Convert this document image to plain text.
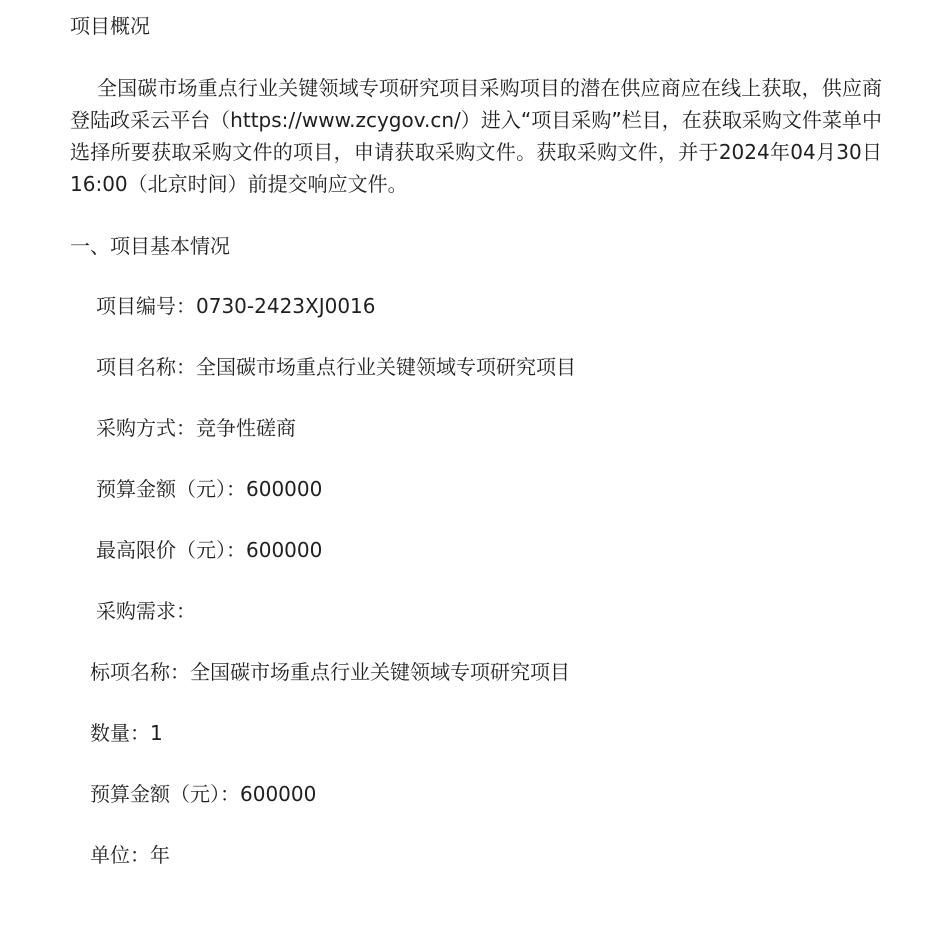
项目概况
全国碳市场重点行业关键领域专项研究项目采购项目的潜在供应商应在线上获取，供应商登陆政采云平台（https://www.zcygov.cn/）进入“项目采购”栏目，在获取采购文件菜单中选择所要获取采购文件的项目，申请获取采购文件。获取采购文件，并于2024年04月30日 16:00（北京时间）前提交响应文件。
一、项目基本情况
项目编号：0730-2423XJ0016
项目名称：全国碳市场重点行业关键领域专项研究项目
采购方式：竞争性磋商
预算金额（元）：600000
最高限价（元）：600000
采购需求：
标项名称：全国碳市场重点行业关键领域专项研究项目
数量：1
预算金额（元）：600000
单位：年
